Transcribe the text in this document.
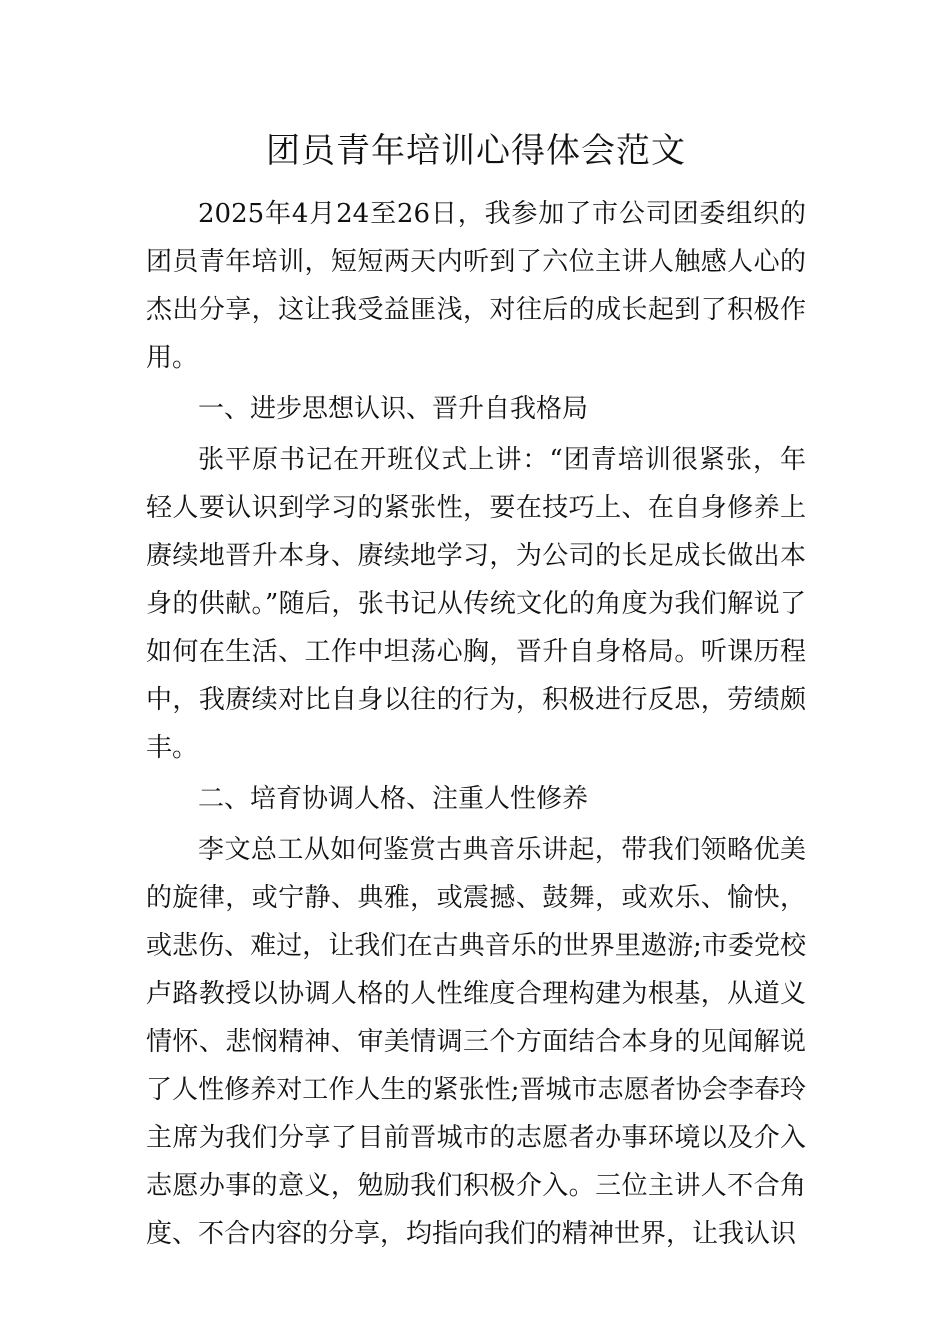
团员青年培训心得体会范文

2025年4月24至26日，我参加了市公司团委组织的团员青年培训，短短两天内听到了六位主讲人触感人心的杰出分享，这让我受益匪浅，对往后的成长起到了积极作用。

一、进步思想认识、晋升自我格局

张平原书记在开班仪式上讲：“团青培训很紧张，年轻人要认识到学习的紧张性，要在技巧上、在自身修养上赓续地晋升本身、赓续地学习，为公司的长足成长做出本身的供献。”随后，张书记从传统文化的角度为我们解说了如何在生活、工作中坦荡心胸，晋升自身格局。听课历程中，我赓续对比自身以往的行为，积极进行反思，劳绩颇丰。

二、培育协调人格、注重人性修养

李文总工从如何鉴赏古典音乐讲起，带我们领略优美的旋律，或宁静、典雅，或震撼、鼓舞，或欢乐、愉快，或悲伤、难过，让我们在古典音乐的世界里遨游;市委党校卢路教授以协调人格的人性维度合理构建为根基，从道义情怀、悲悯精神、审美情调三个方面结合本身的见闻解说了人性修养对工作人生的紧张性;晋城市志愿者协会李春玲主席为我们分享了目前晋城市的志愿者办事环境以及介入志愿办事的意义，勉励我们积极介入。三位主讲人不合角度、不合内容的分享，均指向我们的精神世界，让我认识
